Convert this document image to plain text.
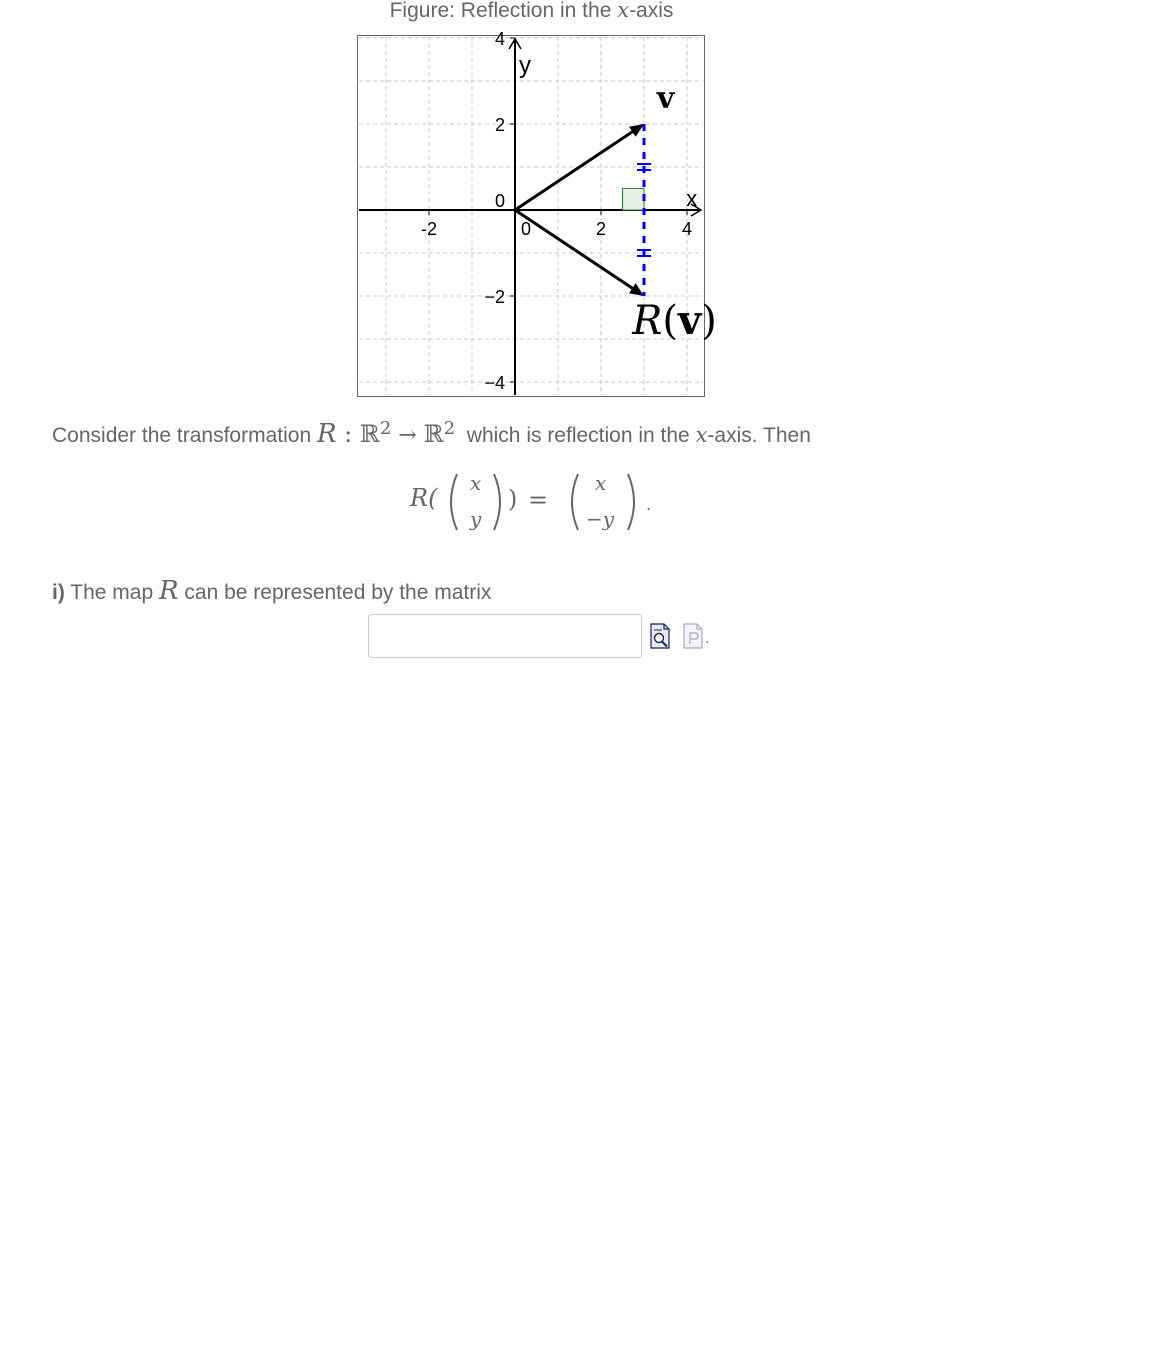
Figure: Reflection in the x-axis
-2	0	2	4
−4
−2
0
2
4
x
y
v
R(v)
Consider the transformation R : ℝ$^2$ → ℝ$^2$  which is reflection in the x-axis. Then
R(
x
y
) =
x
−y
.
i) The map R can be represented by the matrix
.
